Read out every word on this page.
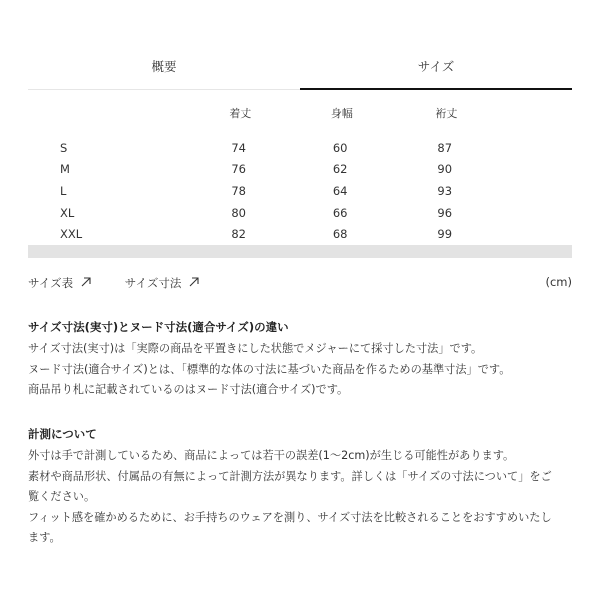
概要	サイズ
	着丈	身幅	裄丈
S	74	60	87
M	76	62	90
L	78	64	93
XL	80	66	96
XXL	82	68	99
サイズ表
	サイズ寸法	(cm)
サイズ寸法(実寸)とヌード寸法(適合サイズ)の違い

サイズ寸法(実寸)は「実際の商品を平置きにした状態でメジャーにて採寸した寸法」です。

ヌード寸法(適合サイズ)とは、「標準的な体の寸法に基づいた商品を作るための基準寸法」です。

商品吊り札に記載されているのはヌード寸法(適合サイズ)です。

計測について

外寸は手で計測しているため、商品によっては若干の誤差(1〜2cm)が生じる可能性があります。

素材や商品形状、付属品の有無によって計測方法が異なります。詳しくは「サイズの寸法について」をご

覧ください。

フィット感を確かめるために、お手持ちのウェアを測り、サイズ寸法を比較されることをおすすめいたし

ます。
